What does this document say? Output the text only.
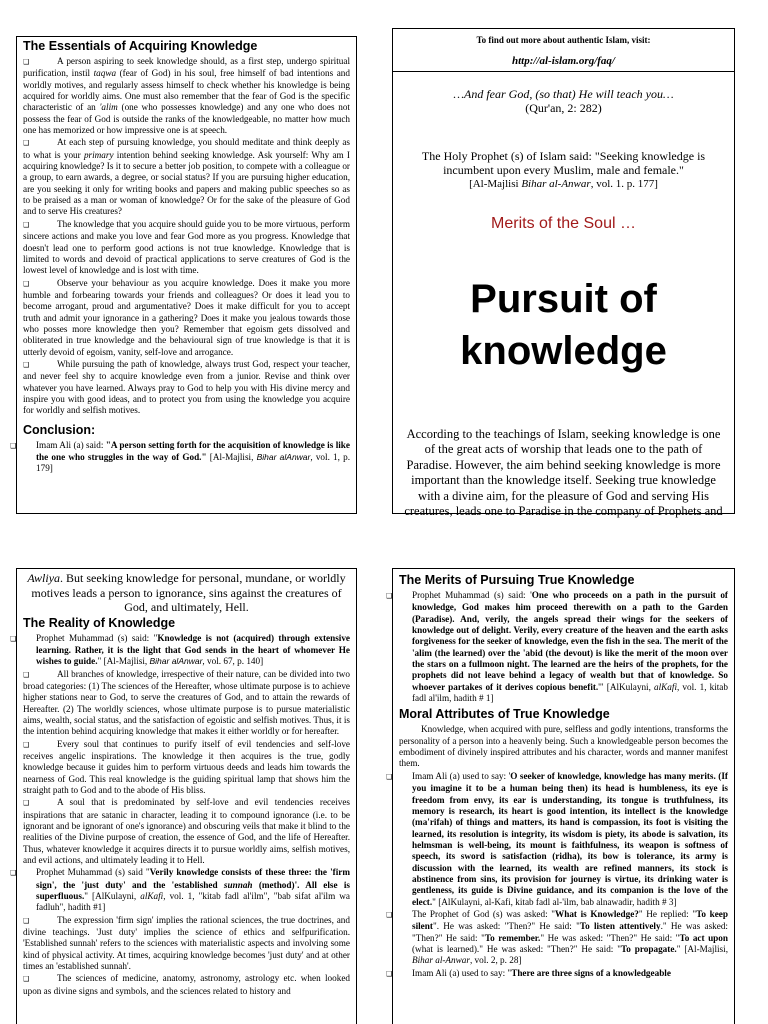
The Essentials of Acquiring Knowledge
❑	A person aspiring to seek knowledge should, as a first step, undergo spiritual purification, instil taqwa (fear of God) in his soul, free himself of bad intentions and worldly motives, and regularly assess himself to check whether his knowledge is being acquired for worldly aims. One must also remember that the fear of God is the specific characteristic of an 'alim (one who possesses knowledge) and any one who does not possess the fear of God is outside the ranks of the knowledgeable, no matter how much one has memorized or how impressive one is at speech.
❑	At each step of pursuing knowledge, you should meditate and think deeply as to what is your primary intention behind seeking knowledge. Ask yourself: Why am I acquiring knowledge? Is it to secure a better job position, to compete with a colleague or a group, to earn awards, a degree, or social status? If you are pursuing higher education, are you seeking it only for writing books and papers and making public speeches so as to be praised as a man or woman of knowledge? Or for the sake of the pleasure of God and to serve His creatures?
❑	The knowledge that you acquire should guide you to be more virtuous, perform sincere actions and make you love and fear God more as you progress. Knowledge that doesn't lead one to perform good actions is not true knowledge. Knowledge that is limited to words and devoid of practical applications to serve creatures of God is the lowest level of knowledge and is lost with time.
❑	Observe your behaviour as you acquire knowledge. Does it make you more humble and forbearing towards your friends and colleagues? Or does it lead you to become arrogant, proud and argumentative? Does it make difficult for you to accept truth and admit your ignorance in a gathering? Does it make you jealous towards those who posses more knowledge then you? Remember that egoism gets dissolved and obliterated in true knowledge and the behavioural sign of true knowledge is that it is utterly devoid of egoism, vanity, self-love and arrogance.
❑	While pursuing the path of knowledge, always trust God, respect your teacher, and never feel shy to acquire knowledge even from a junior. Revise and think over whatever you have learned. Always pray to God to help you with His divine mercy and inspire you with good ideas, and to protect you from using the knowledge you acquire for worldly and selfish motives.
Conclusion:
❑ Imam Ali (a) said: "A person setting forth for the acquisition of knowledge is like the one who struggles in the way of God." [Al-Majlisi, Bihar alAnwar, vol. 1, p. 179]
To find out more about authentic Islam, visit:
http://al-islam.org/faq/
…And fear God, (so that) He will teach you…
(Qur'an, 2: 282)
The Holy Prophet (s) of Islam said: "Seeking knowledge is incumbent upon every Muslim, male and female."
[Al-Majlisi Bihar al-Anwar, vol. 1. p. 177]
Merits of the Soul …
Pursuit of
knowledge
According to the teachings of Islam, seeking knowledge is one of the great acts of worship that leads one to the path of Paradise. However, the aim behind seeking knowledge is more important than the knowledge itself. Seeking true knowledge with a divine aim, for the pleasure of God and serving His creatures, leads one to Paradise in the company of Prophets and
Awliya. But seeking knowledge for personal, mundane, or worldly motives leads a person to ignorance, sins against the creatures of God, and ultimately, Hell.
The Reality of Knowledge
❑ Prophet Muhammad (s) said: "Knowledge is not (acquired) through extensive learning. Rather, it is the light that God sends in the heart of whomever He wishes to guide." [Al-Majlisi, Bihar alAnwar, vol. 67, p. 140]
❑	All branches of knowledge, irrespective of their nature, can be divided into two broad categories: (1) The sciences of the Hereafter, whose ultimate purpose is to achieve higher stations near to God, to serve the creatures of God, and to attain the rewards of Hereafter. (2) The worldly sciences, whose ultimate purpose is to pursue materialistic aims, wealth, social status, and the satisfaction of egoistic and selfish motives. Thus, it is the intention behind acquiring knowledge that makes it either worldly or for hereafter.
❑	Every soul that continues to purify itself of evil tendencies and self-love receives angelic inspirations. The knowledge it then acquires is the true, godly knowledge because it guides him to perform virtuous deeds and leads him towards the nearness of God. This real knowledge is the guiding spiritual lamp that shows him the straight path to God and to the abode of His bliss.
❑	A soul that is predominated by self-love and evil tendencies receives inspirations that are satanic in character, leading it to compound ignorance (i.e. to be ignorant and be ignorant of one's ignorance) and obscuring veils that make it blind to the realities of the Divine purpose of creation, the essence of God, and the life of Hereafter. Thus, whatever knowledge it acquires directs it to pursue worldly aims, selfish motives, and evil actions, and ultimately leading it to Hell.
❑ Prophet Muhammad (s) said "Verily knowledge consists of these three: the 'firm sign', the 'just duty' and the 'established sunnah (method)'. All else is superfluous." [AlKulayni, alKafi, vol. 1, "kitab fadl al'ilm", "bab sifat al'ilm wa fadluh", hadith #1]
❑	The expression 'firm sign' implies the rational sciences, the true doctrines, and divine teachings. 'Just duty' implies the science of ethics and selfpurification. 'Established sunnah' refers to the sciences with materialistic aspects and involving some kind of physical activity. At times, acquiring knowledge becomes 'just duty' and at other times an 'established sunnah'.
❑	The sciences of medicine, anatomy, astronomy, astrology etc. when looked upon as divine signs and symbols, and the sciences related to history and
The Merits of Pursuing True Knowledge
❑ Prophet Muhammad (s) said: 'One who proceeds on a path in the pursuit of knowledge, God makes him proceed therewith on a path to the Garden (Paradise). And, verily, the angels spread their wings for the seekers of knowledge out of delight. Verily, every creature of the heaven and the earth asks forgiveness for the seeker of knowledge, even the fish in the sea. The merit of the 'alim (the learned) over the 'abid (the devout) is like the merit of the moon over the stars on a fullmoon night. The learned are the heirs of the prophets, for the prophets did not leave behind a legacy of wealth but that of knowledge. So whoever partakes of it derives copious benefit.'" [AlKulayni, alKafi, vol. 1, kitab fadl al'ilm, hadith # 1]
Moral Attributes of True Knowledge
Knowledge, when acquired with pure, selfless and godly intentions, transforms the personality of a person into a heavenly being. Such a knowledgeable person becomes the embodiment of divinely inspired attributes and his character, words and manner manifest them.
❑ Imam Ali (a) used to say: 'O seeker of knowledge, knowledge has many merits. (If you imagine it to be a human being then) its head is humbleness, its eye is freedom from envy, its ear is understanding, its tongue is truthfulness, its memory is research, its heart is good intention, its intellect is the knowledge (ma'rifah) of things and matters, its hand is compassion, its foot is visiting the learned, its resolution is integrity, its wisdom is piety, its abode is salvation, its helmsman is well-being, its mount is faithfulness, its weapon is softness of speech, its sword is satisfaction (ridha), its bow is tolerance, its army is discussion with the learned, its wealth are refined manners, its stock is abstinence from sins, its provision for journey is virtue, its drinking water is gentleness, its guide is Divine guidance, and its companion is the love of the elect." [AlKulayni, al-Kafi, kitab fadl al-'ilm, bab alnawadir, hadith # 3]
❑ The Prophet of God (s) was asked: "What is Knowledge?" He replied: "To keep silent". He was asked: "Then?" He said: "To listen attentively." He was asked: "Then?" He said: "To remember." He was asked: "Then?" He said: "To act upon (what is learned)." He was asked: "Then?" He said: "To propagate." [Al-Majlisi, Bihar al-Anwar, vol. 2, p. 28]
❑ Imam Ali (a) used to say: "There are three signs of a knowledgeable
